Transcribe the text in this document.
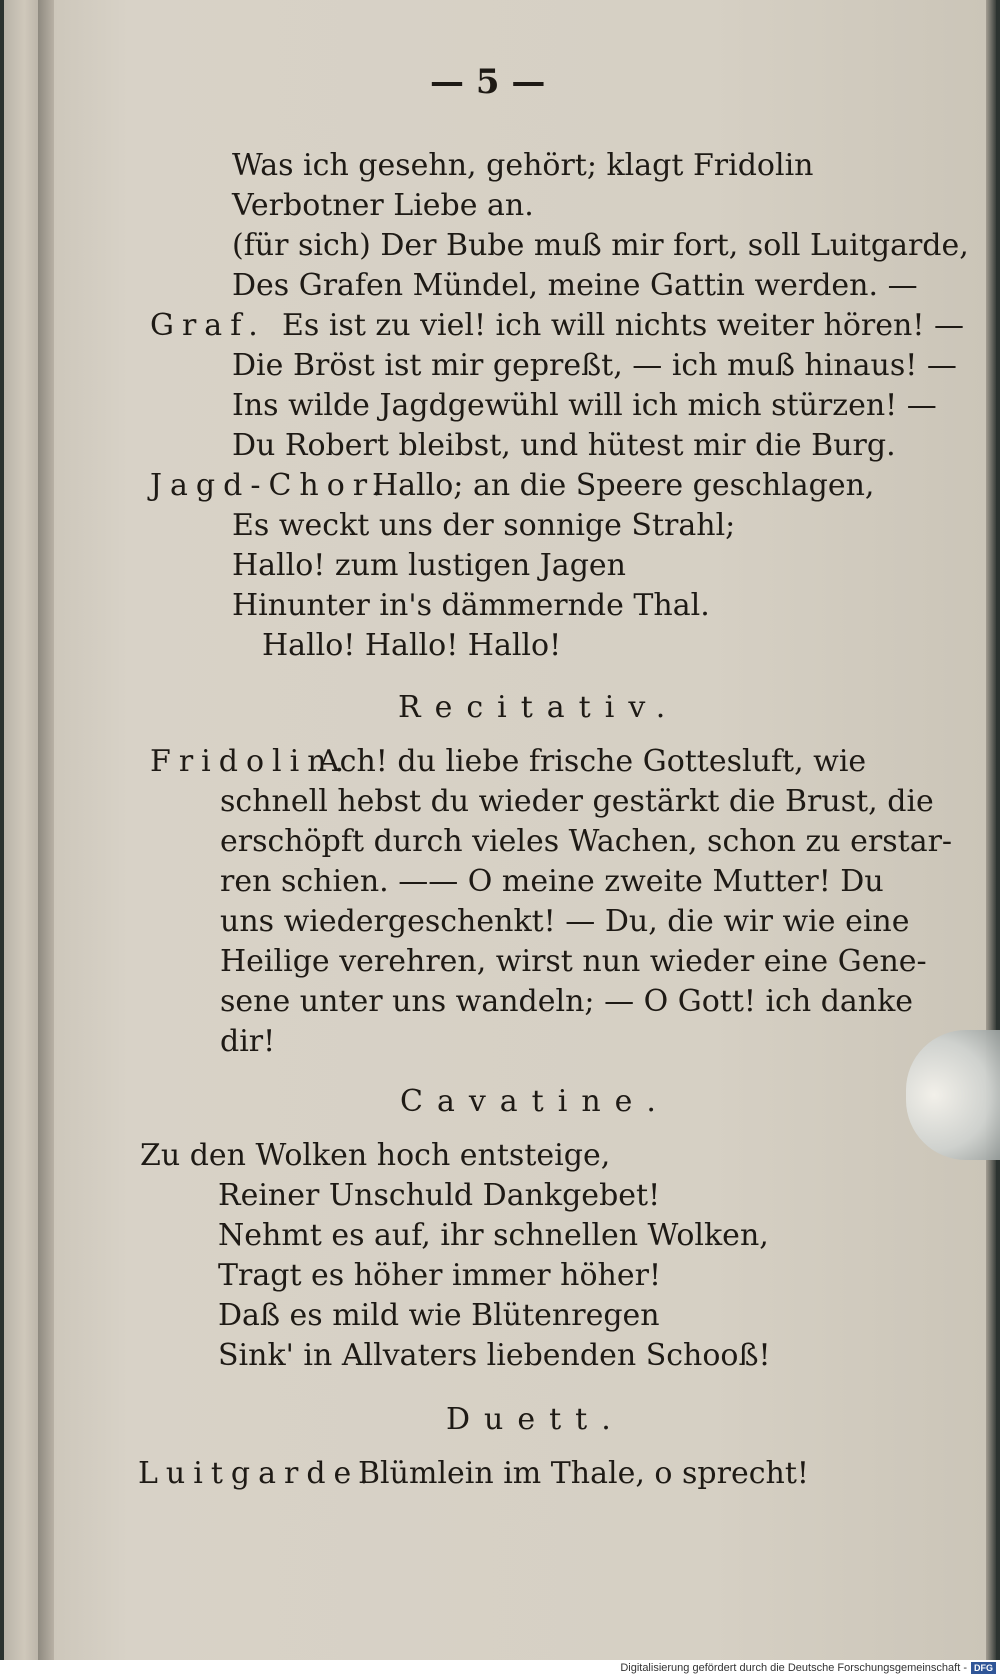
— 5 —
Was ich gesehn, gehört; klagt Fridolin
Verbotner Liebe an.
(für sich) Der Bube muß mir fort, soll Luitgarde,
Des Grafen Mündel, meine Gattin werden. —
Graf. Es ist zu viel! ich will nichts weiter hören! —
Die Bröst ist mir gepreßt, — ich muß hinaus! —
Ins wilde Jagdgewühl will ich mich stürzen! —
Du Robert bleibst, und hütest mir die Burg.
Jagd-Chor.
Hallo; an die Speere geschlagen,
Es weckt uns der sonnige Strahl;
Hallo! zum lustigen Jagen
Hinunter in's dämmernde Thal.
Hallo! Hallo! Hallo!
Recitativ.
Fridolin.
Ach! du liebe frische Gottesluft, wie
schnell hebst du wieder gestärkt die Brust, die
erschöpft durch vieles Wachen, schon zu erstar-
ren schien. —— O meine zweite Mutter! Du
uns wiedergeschenkt! — Du, die wir wie eine
Heilige verehren, wirst nun wieder eine Gene-
sene unter uns wandeln; — O Gott! ich danke
dir!
Cavatine.
Zu den Wolken hoch entsteige,
Reiner Unschuld Dankgebet!
Nehmt es auf, ihr schnellen Wolken,
Tragt es höher immer höher!
Daß es mild wie Blütenregen
Sink' in Allvaters liebenden Schooß!
Duett.
Luitgarde.
Blümlein im Thale, o sprecht!
Digitalisierung gefördert durch die Deutsche Forschungsgemeinschaft - DFG
